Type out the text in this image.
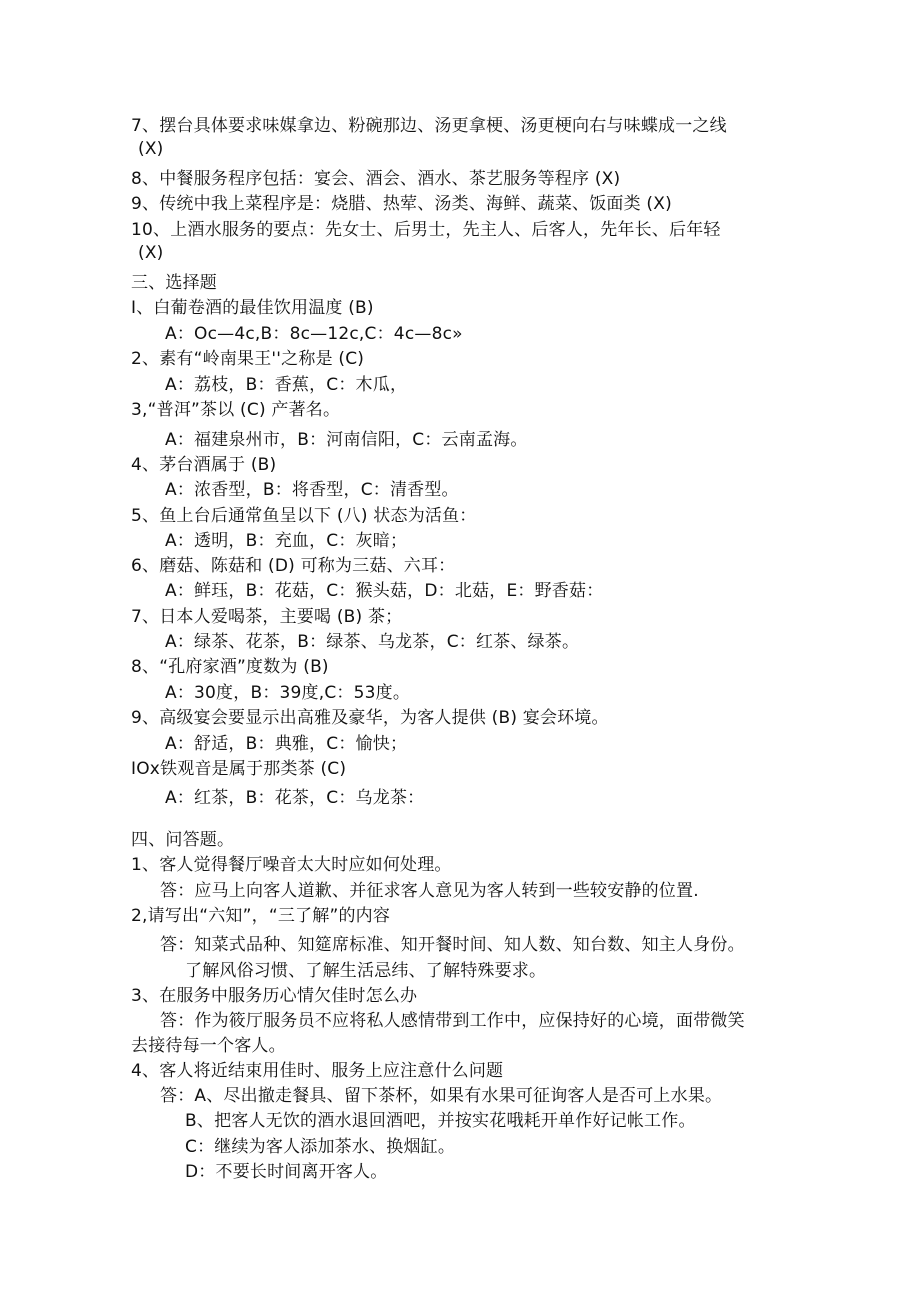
7、摆台具体要求味媒拿边、粉碗那边、汤更拿梗、汤更梗向右与味蝶成一之线
(X)
8、中餐服务程序包括：宴会、酒会、酒水、茶艺服务等程序 (X)
9、传统中我上菜程序是：烧腊、热荤、汤类、海鲜、蔬菜、饭面类 (X)
10、上酒水服务的要点：先女士、后男士，先主人、后客人，先年长、后年轻
(X)
三、选择题
I、白葡卷酒的最佳饮用温度 (B)
A：Oc—4c,B：8c—12c,C：4c—8c»
2、素有“岭南果王''之称是 (C)
A：荔枝，B：香蕉，C：木瓜，
3,“普洱”茶以 (C) 产著名。
A：福建泉州市，B：河南信阳，C：云南孟海。
4、茅台酒属于 (B)
A：浓香型，B：将香型，C：清香型。
5、鱼上台后通常鱼呈以下 (八) 状态为活鱼：
A：透明，B：充血，C：灰暗；
6、磨菇、陈菇和 (D) 可称为三菇、六耳：
A：鲜珏，B：花菇，C：猴头菇，D：北菇，E：野香菇：
7、日本人爱喝茶，主要喝 (B) 茶；
A：绿茶、花茶，B：绿茶、乌龙茶，C：红茶、绿茶。
8、“孔府家酒”度数为 (B)
A：30度，B：39度,C：53度。
9、高级宴会要显示出高雅及豪华，为客人提供 (B) 宴会环境。
A：舒适，B：典雅，C：愉快；
IOx铁观音是属于那类茶 (C)
A：红茶，B：花茶，C：乌龙茶：
四、问答题。
1、客人觉得餐厅噪音太大时应如何处理。
答：应马上向客人道歉、并征求客人意见为客人转到一些较安静的位置.
2,请写出“六知”，“三了解”的内容
答：知菜式品种、知筵席标准、知开餐时间、知人数、知台数、知主人身份。
了解风俗习惯、了解生活忌纬、了解特殊要求。
3、在服务中服务历心情欠佳时怎么办
答：作为筱厅服务员不应将私人感情带到工作中，应保持好的心境，面带微笑
去接待每一个客人。
4、客人将近结束用佳时、服务上应注意什么问题
答：A、尽出撤走餐具、留下茶杯，如果有水果可征询客人是否可上水果。
B、把客人无饮的酒水退回酒吧，并按实花哦耗开单作好记帐工作。
C：继续为客人添加茶水、换烟缸。
D：不要长时间离开客人。
